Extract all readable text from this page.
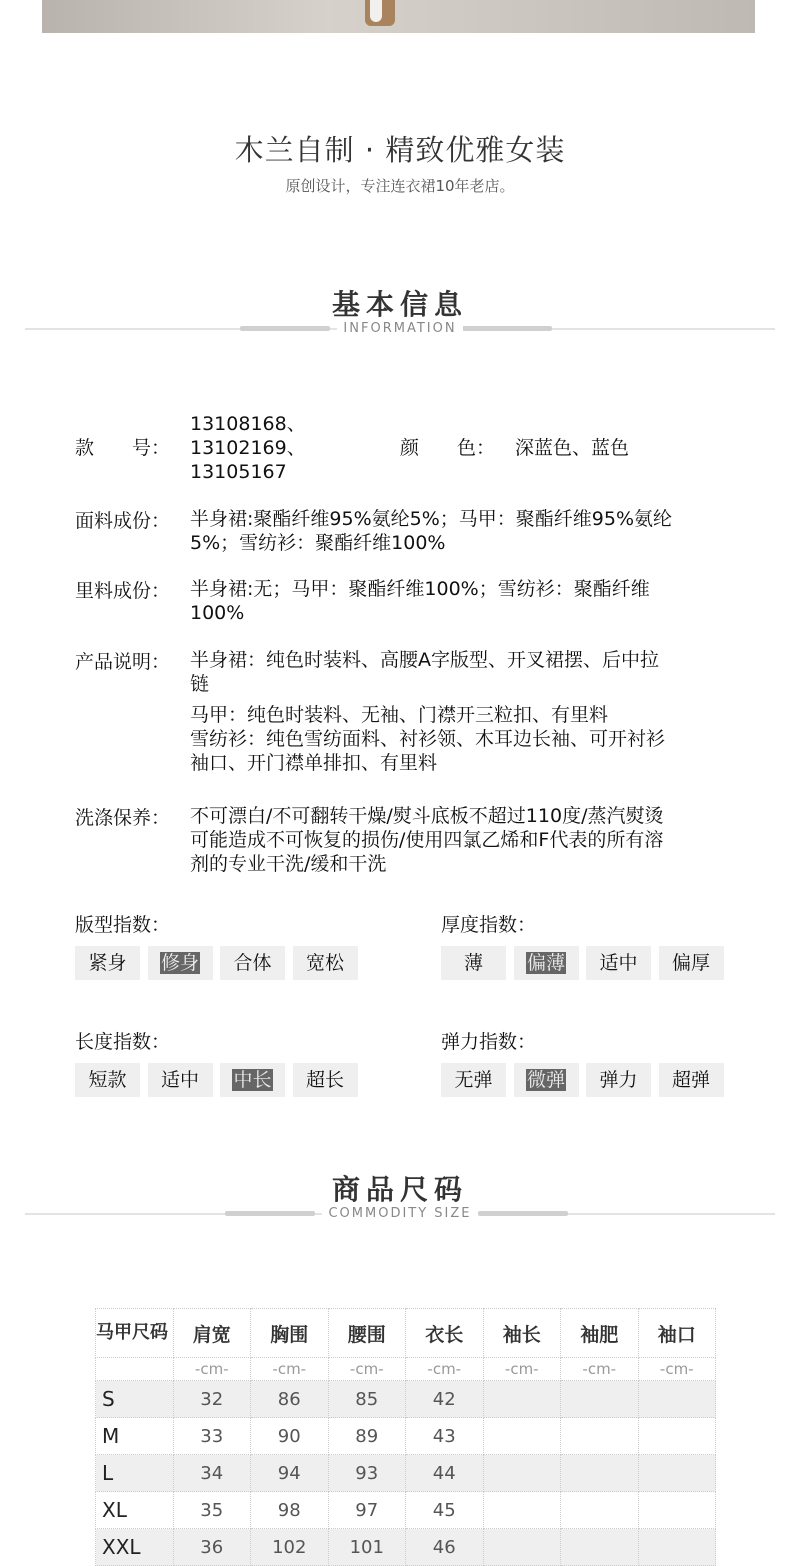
木兰自制 · 精致优雅女装
原创设计，专注连衣裙10年老店。
基本信息
INFORMATION
款　　号：
13108168、
13102169、
13105167
颜　　色： 深蓝色、蓝色
面料成份： 半身裙:聚酯纤维95%氨纶5%；马甲：聚酯纤维95%氨纶
5%；雪纺衫：聚酯纤维100%
里料成份： 半身裙:无；马甲：聚酯纤维100%；雪纺衫：聚酯纤维
100%
产品说明： 半身裙：纯色时装料、高腰A字版型、开叉裙摆、后中拉
链
马甲：纯色时装料、无袖、门襟开三粒扣、有里料
雪纺衫：纯色雪纺面料、衬衫领、木耳边长袖、可开衬衫
袖口、开门襟单排扣、有里料
洗涤保养： 不可漂白/不可翻转干燥/熨斗底板不超过110度/蒸汽熨烫
可能造成不可恢复的损伤/使用四氯乙烯和F代表的所有溶
剂的专业干洗/缓和干洗
版型指数：
紧身	修身	合体	宽松
厚度指数：
薄	偏薄	适中	偏厚
长度指数：
短款	适中	中长	超长
弹力指数：
无弹	微弹	弹力	超弹
商品尺码
COMMODITY SIZE
马甲尺码	肩宽	胸围	腰围	衣长	袖长	袖肥	袖口
	-cm-	-cm-	-cm-	-cm-	-cm-	-cm-	-cm-
S	32	86	85	42			
M	33	90	89	43			
L	34	94	93	44			
XL	35	98	97	45			
XXL	36	102	101	46			
